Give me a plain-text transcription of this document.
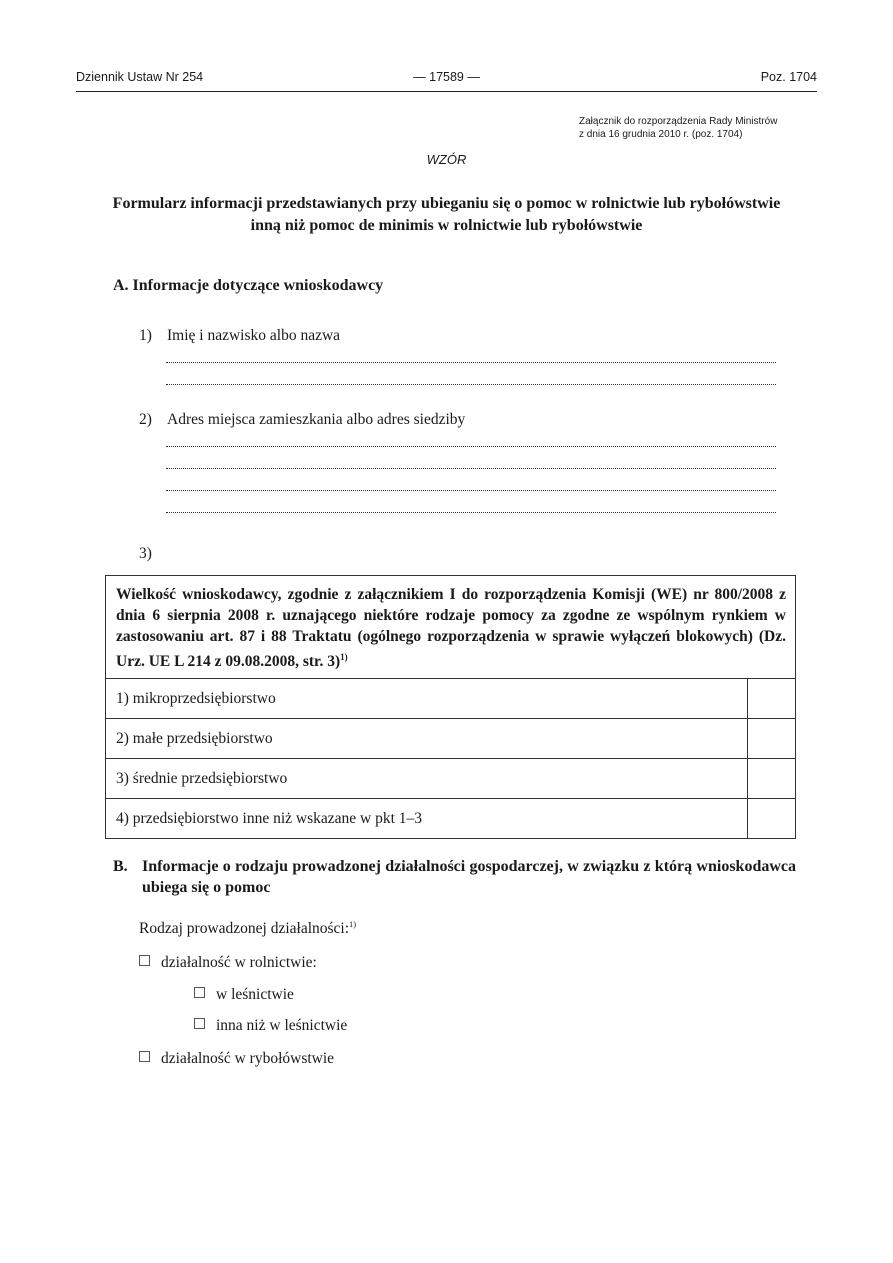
Dziennik Ustaw Nr 254	— 17589 —	Poz. 1704
Załącznik do rozporządzenia Rady Ministrów
z dnia 16 grudnia 2010 r. (poz. 1704)
WZÓR
Formularz informacji przedstawianych przy ubieganiu się o pomoc w rolnictwie lub rybołówstwie inną niż pomoc de minimis w rolnictwie lub rybołówstwie
A. Informacje dotyczące wnioskodawcy
1) Imię i nazwisko albo nazwa
2) Adres miejsca zamieszkania albo adres siedziby
3)
Wielkość wnioskodawcy, zgodnie z załącznikiem I do rozporządzenia Komisji (WE) nr 800/2008 z dnia 6 sierpnia 2008 r. uznającego niektóre rodzaje pomocy za zgodne ze wspólnym rynkiem w zastosowaniu art. 87 i 88 Traktatu (ogólnego rozporządzenia w sprawie wyłączeń blokowych) (Dz. Urz. UE L 214 z 09.08.2008, str. 3)$^{1)}$
1) mikroprzedsiębiorstwo
2) małe przedsiębiorstwo
3) średnie przedsiębiorstwo
4) przedsiębiorstwo inne niż wskazane w pkt 1–3
B. Informacje o rodzaju prowadzonej działalności gospodarczej, w związku z którą wnioskodawca ubiega się o pomoc
Rodzaj prowadzonej działalności:$^{1)}$
działalność w rolnictwie:
w leśnictwie
inna niż w leśnictwie
działalność w rybołówstwie
